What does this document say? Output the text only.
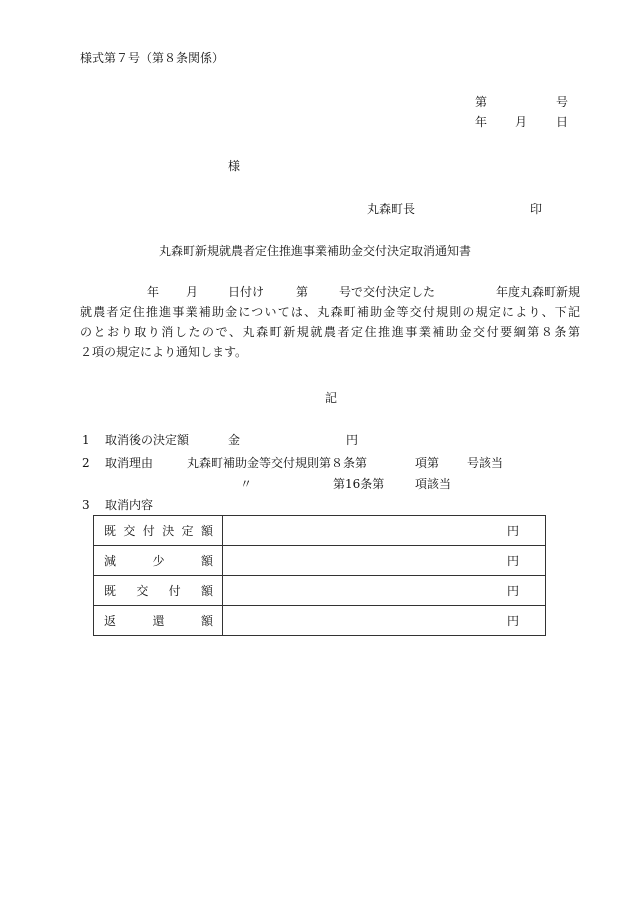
様式第７号（第８条関係）
第	号
年 月 日
様
丸森町長	印
丸森町新規就農者定住推進事業補助金交付決定取消通知書
年 月 日付け	第	号で交付決定した	年度丸森町新規
就農者定住推進事業補助金については、丸森町補助金等交付規則の規定により、下記
のとおり取り消したので、丸森町新規就農者定住推進事業補助金交付要綱第８条第
２項の規定により通知します。
記
1 取消後の決定額	金	円
2 取消理由	丸森町補助金等交付規則第８条第	項第 号該当
〃	第16条第	項該当
3 取消内容
既交付決定額	円

減少額	円

既交付額	円

返還額	円
